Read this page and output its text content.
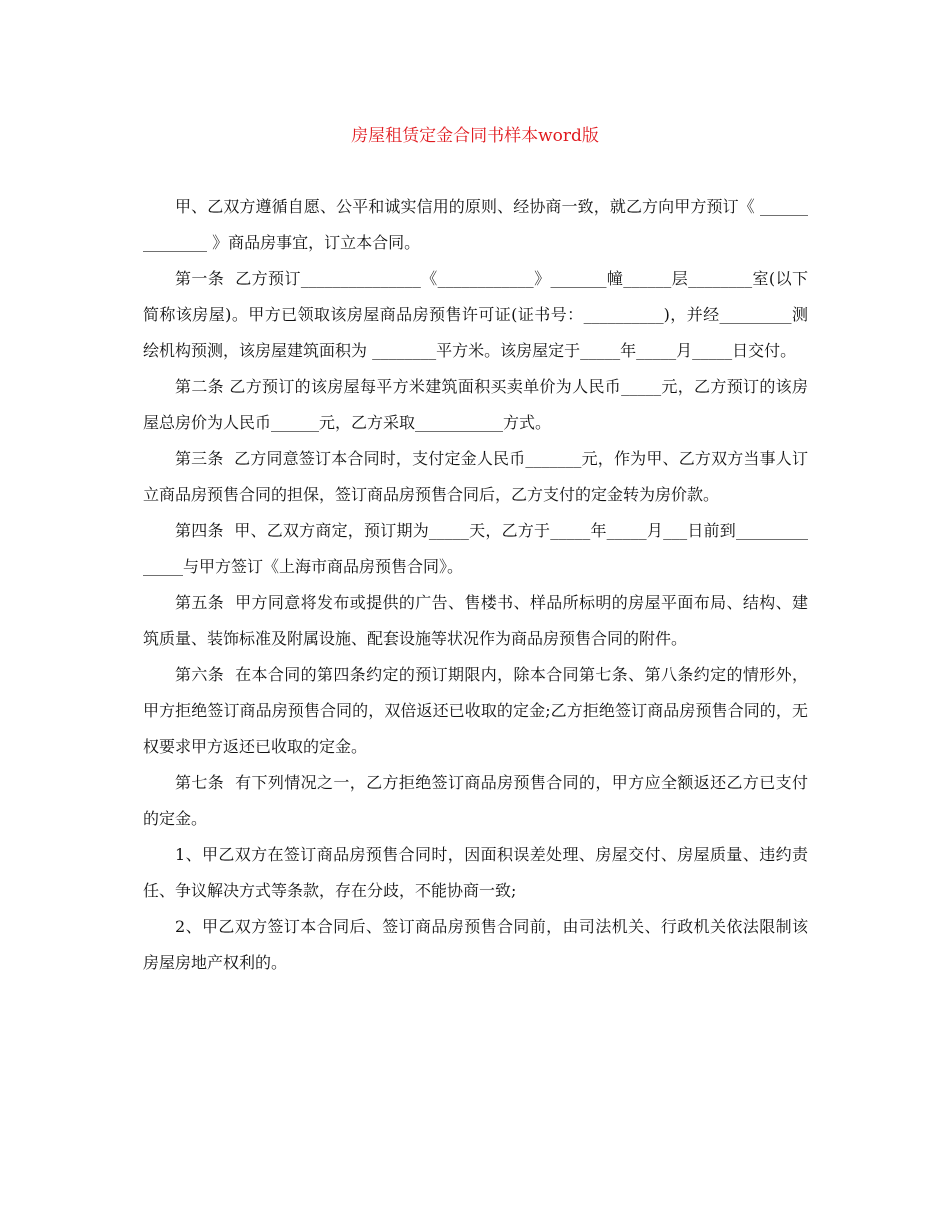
房屋租赁定金合同书样本word版

甲、乙双方遵循自愿、公平和诚实信用的原则、经协商一致，就乙方向甲方预订《 ______________ 》商品房事宜，订立本合同。

第一条  乙方预订_______________《____________》_______幢______层________室(以下简称该房屋)。甲方已领取该房屋商品房预售许可证(证书号：__________)，并经_________测绘机构预测，该房屋建筑面积为 ________平方米。该房屋定于_____年_____月_____日交付。

第二条 乙方预订的该房屋每平方米建筑面积买卖单价为人民币_____元，乙方预订的该房屋总房价为人民币______元，乙方采取___________方式。

第三条  乙方同意签订本合同时，支付定金人民币_______元，作为甲、乙方双方当事人订立商品房预售合同的担保，签订商品房预售合同后，乙方支付的定金转为房价款。

第四条  甲、乙双方商定，预订期为_____天，乙方于_____年_____月___日前到______________与甲方签订《上海市商品房预售合同》。

第五条  甲方同意将发布或提供的广告、售楼书、样品所标明的房屋平面布局、结构、建筑质量、装饰标准及附属设施、配套设施等状况作为商品房预售合同的附件。

第六条  在本合同的第四条约定的预订期限内，除本合同第七条、第八条约定的情形外，甲方拒绝签订商品房预售合同的，双倍返还已收取的定金;乙方拒绝签订商品房预售合同的，无权要求甲方返还已收取的定金。

第七条  有下列情况之一，乙方拒绝签订商品房预售合同的，甲方应全额返还乙方已支付的定金。

1、甲乙双方在签订商品房预售合同时，因面积误差处理、房屋交付、房屋质量、违约责任、争议解决方式等条款，存在分歧，不能协商一致;

2、甲乙双方签订本合同后、签订商品房预售合同前，由司法机关、行政机关依法限制该房屋房地产权利的。
